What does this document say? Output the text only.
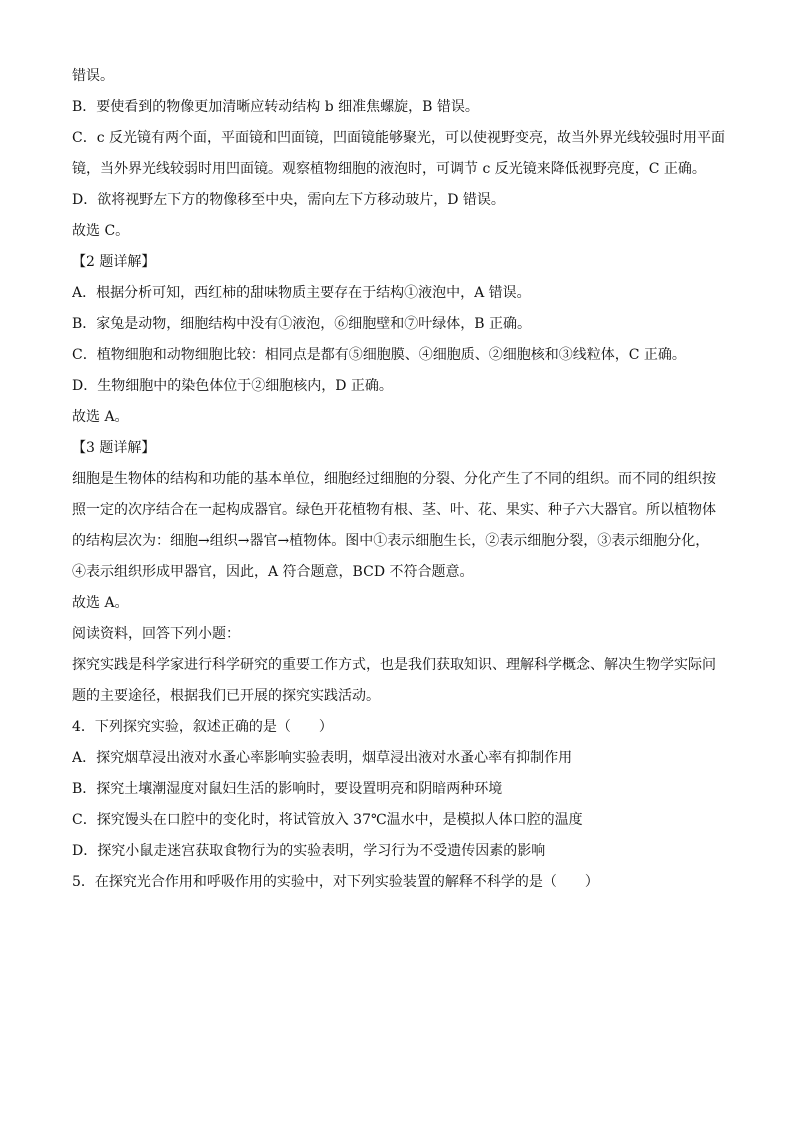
错误。
B．要使看到的物像更加清晰应转动结构 b 细准焦螺旋，B 错误。
C．c 反光镜有两个面，平面镜和凹面镜，凹面镜能够聚光，可以使视野变亮，故当外界光线较强时用平面
镜，当外界光线较弱时用凹面镜。观察植物细胞的液泡时，可调节 c 反光镜来降低视野亮度，C 正确。
D．欲将视野左下方的物像移至中央，需向左下方移动玻片，D 错误。
故选 C。
【2 题详解】
A．根据分析可知，西红柿的甜味物质主要存在于结构①液泡中，A 错误。
B．家兔是动物，细胞结构中没有①液泡，⑥细胞壁和⑦叶绿体，B 正确。
C．植物细胞和动物细胞比较：相同点是都有⑤细胞膜、④细胞质、②细胞核和③线粒体，C 正确。
D．生物细胞中的染色体位于②细胞核内，D 正确。
故选 A。
【3 题详解】
细胞是生物体的结构和功能的基本单位，细胞经过细胞的分裂、分化产生了不同的组织。而不同的组织按
照一定的次序结合在一起构成器官。绿色开花植物有根、茎、叶、花、果实、种子六大器官。所以植物体
的结构层次为：细胞→组织→器官→植物体。图中①表示细胞生长，②表示细胞分裂，③表示细胞分化，
④表示组织形成甲器官，因此，A 符合题意，BCD 不符合题意。
故选 A。
阅读资料，回答下列小题：
探究实践是科学家进行科学研究的重要工作方式，也是我们获取知识、理解科学概念、解决生物学实际问
题的主要途径，根据我们已开展的探究实践活动。
4．下列探究实验，叙述正确的是（　　）
A．探究烟草浸出液对水蚤心率影响实验表明，烟草浸出液对水蚤心率有抑制作用
B．探究土壤潮湿度对鼠妇生活的影响时，要设置明亮和阴暗两种环境
C．探究馒头在口腔中的变化时，将试管放入 37℃温水中，是模拟人体口腔的温度
D．探究小鼠走迷宫获取食物行为的实验表明，学习行为不受遗传因素的影响
5．在探究光合作用和呼吸作用的实验中，对下列实验装置的解释不科学的是（　　）
